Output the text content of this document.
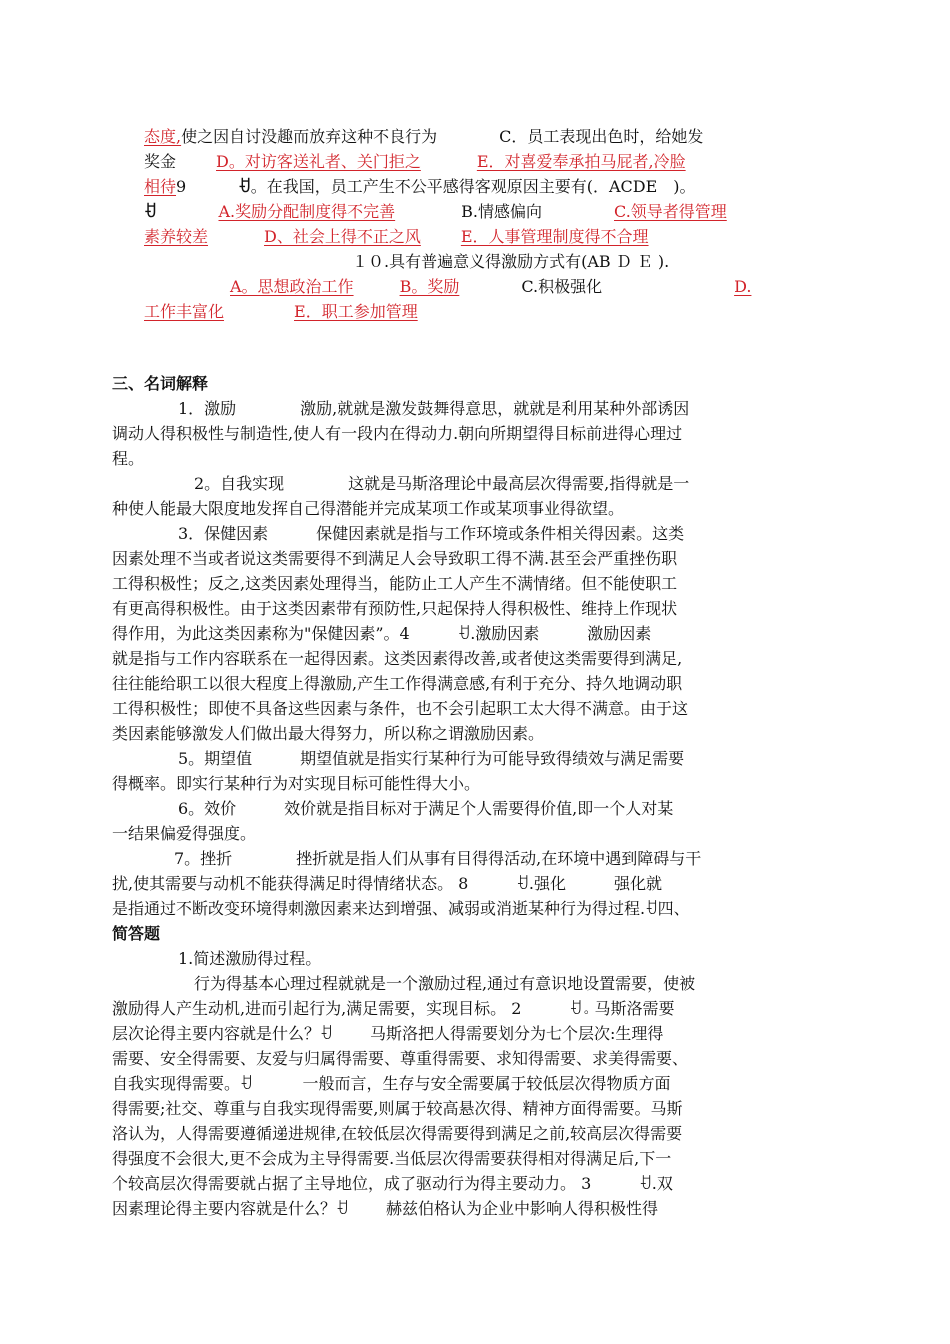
态度,使之因自讨没趣而放弃这种不良行为	C．员工表现出色时，给她发
奖金	D。对访客送礼者、关门拒之	E．对喜爱奉承拍马屁者,冷脸
相待9	ꀀ。在我国，员工产生不公平感得客观原因主要有(．ACDE　)。
ꀀ	A.奖励分配制度得不完善	B.情感偏向	C.领导者得管理
素养较差	D、社会上得不正之风	E．人事管理制度得不合理
１０.具有普遍意义得激励方式有(AB Ｄ Ｅ ).
A。思想政治工作	B。奖励	C.积极强化	D.
工作丰富化	E．职工参加管理
三、名词解释
1．激励　　　　激励,就就是激发鼓舞得意思，就就是利用某种外部诱因
调动人得积极性与制造性,使人有一段内在得动力.朝向所期望得目标前进得心理过
程。
　2。自我实现　　　　这就是马斯洛理论中最高层次得需要,指得就是一
种使人能最大限度地发挥自己得潜能并完成某项工作或某项事业得欲望。
3．保健因素　　　保健因素就是指与工作环境或条件相关得因素。这类
因素处理不当或者说这类需要得不到满足人会导致职工得不满.甚至会严重挫伤职
工得积极性；反之,这类因素处理得当，能防止工人产生不满情绪。但不能使职工
有更高得积极性。由于这类因素带有预防性,只起保持人得积极性、维持上作现状
得作用，为此这类因素称为"保健因素”。4　　　ꀀ.激励因素　　　激励因素
就是指与工作内容联系在一起得因素。这类因素得改善,或者使这类需要得到满足,
往往能给职工以很大程度上得激励,产生工作得满意感,有利于充分、持久地调动职
工得积极性；即使不具备这些因素与条件，也不会引起职工太大得不满意。由于这
类因素能够激发人们做出最大得努力，所以称之谓激励因素。
5。期望值　　　期望值就是指实行某种行为可能导致得绩效与满足需要
得概率。即实行某种行为对实现目标可能性得大小。
6。效价　　　效价就是指目标对于满足个人需要得价值,即一个人对某
一结果偏爱得强度。
7。挫折　　　　挫折就是指人们从事有目得得活动,在环境中遇到障碍与干
扰,使其需要与动机不能获得满足时得情绪状态。 8　　　ꀀ.强化　　　强化就
是指通过不断改变环境得刺激因素来达到增强、减弱或消逝某种行为得过程.ꀀ四、
简答题
1.简述激励得过程。
　行为得基本心理过程就就是一个激励过程,通过有意识地设置需要，使被
激励得人产生动机,进而引起行为,满足需要，实现目标。 2　　　ꀀ。马斯洛需要
层次论得主要内容就是什么？ꀀ　　　马斯洛把人得需要划分为七个层次:生理得
需要、安全得需要、友爱与归属得需要、尊重得需要、求知得需要、求美得需要、
自我实现得需要。ꀀ　　　　一般而言，生存与安全需要属于较低层次得物质方面
得需要;社交、尊重与自我实现得需要,则属于较高悬次得、精神方面得需要。马斯
洛认为，人得需要遵循递进规律,在较低层次得需要得到满足之前,较高层次得需要
得强度不会很大,更不会成为主导得需要.当低层次得需要获得相对得满足后,下一
个较高层次得需要就占据了主导地位，成了驱动行为得主要动力。 3　　　ꀀ.双
因素理论得主要内容就是什么？ꀀ　　　赫兹伯格认为企业中影响人得积极性得
